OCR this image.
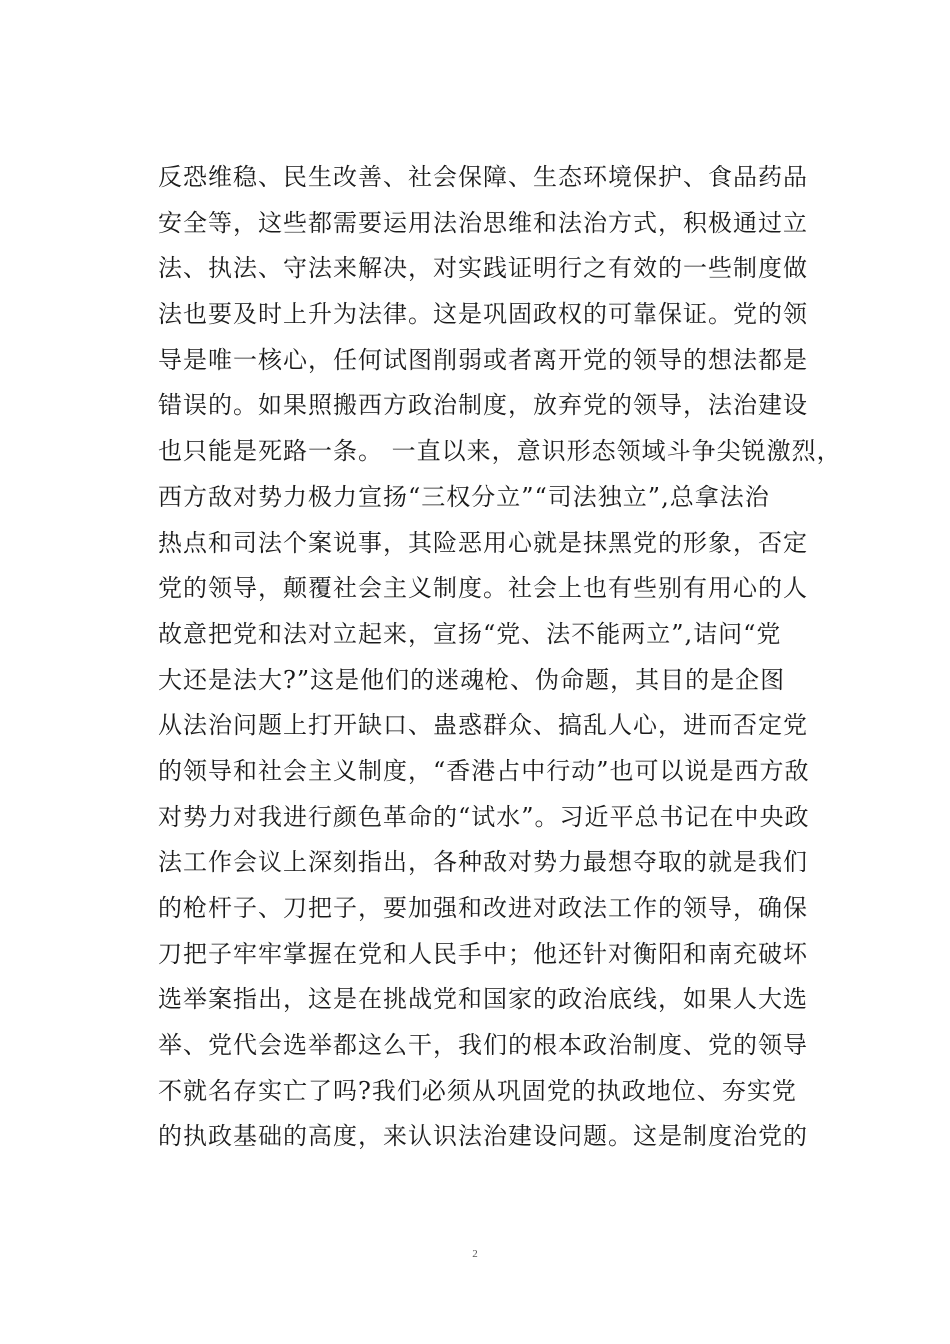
反恐维稳、民生改善、社会保障、生态环境保护、食品药品
安全等，这些都需要运用法治思维和法治方式，积极通过立
法、执法、守法来解决，对实践证明行之有效的一些制度做
法也要及时上升为法律。这是巩固政权的可靠保证。党的领
导是唯一核心，任何试图削弱或者离开党的领导的想法都是
错误的。如果照搬西方政治制度，放弃党的领导，法治建设
也只能是死路一条。 一直以来，意识形态领域斗争尖锐激烈，
西方敌对势力极力宣扬“三权分立”“司法独立”,总拿法治
热点和司法个案说事，其险恶用心就是抹黑党的形象，否定
党的领导，颠覆社会主义制度。社会上也有些别有用心的人
故意把党和法对立起来，宣扬“党、法不能两立”,诘问“党
大还是法大?”这是他们的迷魂枪、伪命题，其目的是企图
从法治问题上打开缺口、蛊惑群众、搞乱人心，进而否定党
的领导和社会主义制度，“香港占中行动”也可以说是西方敌
对势力对我进行颜色革命的“试水”。习近平总书记在中央政
法工作会议上深刻指出，各种敌对势力最想夺取的就是我们
的枪杆子、刀把子，要加强和改进对政法工作的领导，确保
刀把子牢牢掌握在党和人民手中；他还针对衡阳和南充破坏
选举案指出，这是在挑战党和国家的政治底线，如果人大选
举、党代会选举都这么干，我们的根本政治制度、党的领导
不就名存实亡了吗?我们必须从巩固党的执政地位、夯实党
的执政基础的高度，来认识法治建设问题。这是制度治党的
2
